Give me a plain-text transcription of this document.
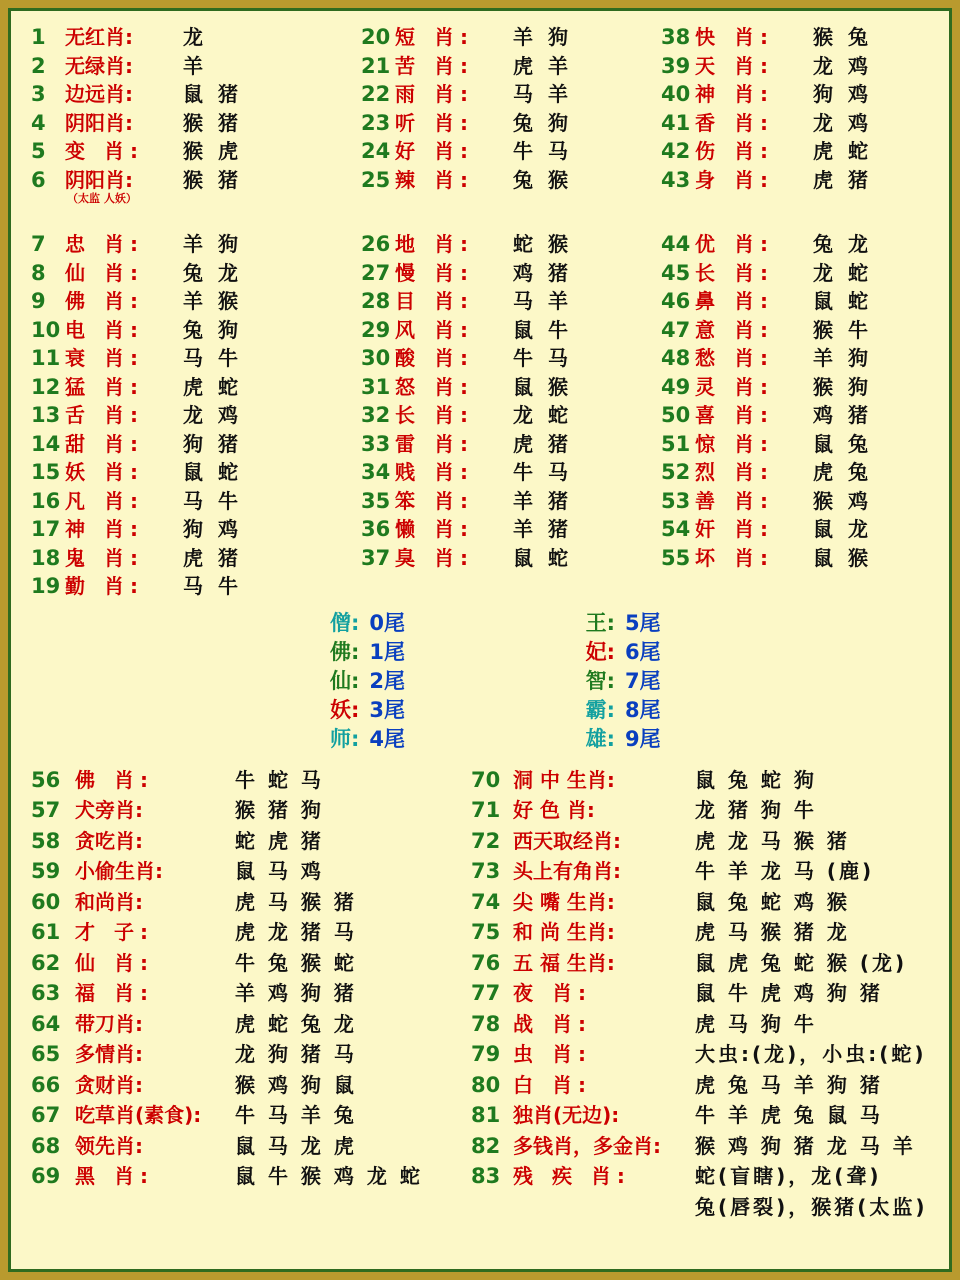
1 无红肖:	龙
2 无绿肖:	羊
3 边远肖:	鼠 猪
4 阴阳肖:	猴 猪
5 变 肖:	猴 虎
6 阴阳肖:	猴 猪
（太监 人妖）
7 忠 肖:	羊 狗
8 仙 肖:	兔 龙
9 佛 肖:	羊 猴
10 电 肖:	兔 狗
11 衰 肖:	马 牛
12 猛 肖:	虎 蛇
13 舌 肖:	龙 鸡
14 甜 肖:	狗 猪
15 妖 肖:	鼠 蛇
16 凡 肖:	马 牛
17 神 肖:	狗 鸡
18 鬼 肖:	虎 猪
19 勤 肖:	马 牛
20 短 肖:	羊 狗
21 苦 肖:	虎 羊
22 雨 肖:	马 羊
23 听 肖:	兔 狗
24 好 肖:	牛 马
25 辣 肖:	兔 猴
26 地 肖:	蛇 猴
27 慢 肖:	鸡 猪
28 目 肖:	马 羊
29 风 肖:	鼠 牛
30 酸 肖:	牛 马
31 怒 肖:	鼠 猴
32 长 肖:	龙 蛇
33 雷 肖:	虎 猪
34 贱 肖:	牛 马
35 笨 肖:	羊 猪
36 懒 肖:	羊 猪
37 臭 肖:	鼠 蛇
38 快 肖:	猴 兔
39 天 肖:	龙 鸡
40 神 肖:	狗 鸡
41 香 肖:	龙 鸡
42 伤 肖:	虎 蛇
43 身 肖:	虎 猪
44 优 肖:	兔 龙
45 长 肖:	龙 蛇
46 鼻 肖:	鼠 蛇
47 意 肖:	猴 牛
48 愁 肖:	羊 狗
49 灵 肖:	猴 狗
50 喜 肖:	鸡 猪
51 惊 肖:	鼠 兔
52 烈 肖:	虎 兔
53 善 肖:	猴 鸡
54 奸 肖:	鼠 龙
55 坏 肖:	鼠 猴
僧: 0尾
佛: 1尾
仙: 2尾
妖: 3尾
师: 4尾
王: 5尾
妃: 6尾
智: 7尾
霸: 8尾
雄: 9尾
56 佛 肖:	牛 蛇 马
57 犬旁肖:	猴 猪 狗
58 贪吃肖:	蛇 虎 猪
59 小偷生肖:	鼠 马 鸡
60 和尚肖:	虎 马 猴 猪
61 才 子:	虎 龙 猪 马
62 仙 肖:	牛 兔 猴 蛇
63 福 肖:	羊 鸡 狗 猪
64 带刀肖:	虎 蛇 兔 龙
65 多情肖:	龙 狗 猪 马
66 贪财肖:	猴 鸡 狗 鼠
67 吃草肖(素食):	牛 马 羊 兔
68 领先肖:	鼠 马 龙 虎
69 黑 肖:	鼠 牛 猴 鸡 龙 蛇
70 洞 中 生肖:	鼠 兔 蛇 狗
71 好 色 肖:	龙 猪 狗 牛
72 西天取经肖:	虎 龙 马 猴 猪
73 头上有角肖:	牛 羊 龙 马 (鹿)
74 尖 嘴 生肖:	鼠 兔 蛇 鸡 猴
75 和 尚 生肖:	虎 马 猴 猪 龙
76 五 福 生肖:	鼠 虎 兔 蛇 猴 (龙)
77 夜 肖:	鼠 牛 虎 鸡 狗 猪
78 战 肖:	虎 马 狗 牛
79 虫 肖:	大虫:(龙)，小虫:(蛇)
80 白 肖:	虎 兔 马 羊 狗 猪
81 独肖(无边):	牛 羊 虎 兔 鼠 马
82 多钱肖，多金肖:	猴 鸡 狗 猪 龙 马 羊
83 残 疾 肖:	蛇(盲瞎)，龙(聋)
兔(唇裂)，猴猪(太监)
